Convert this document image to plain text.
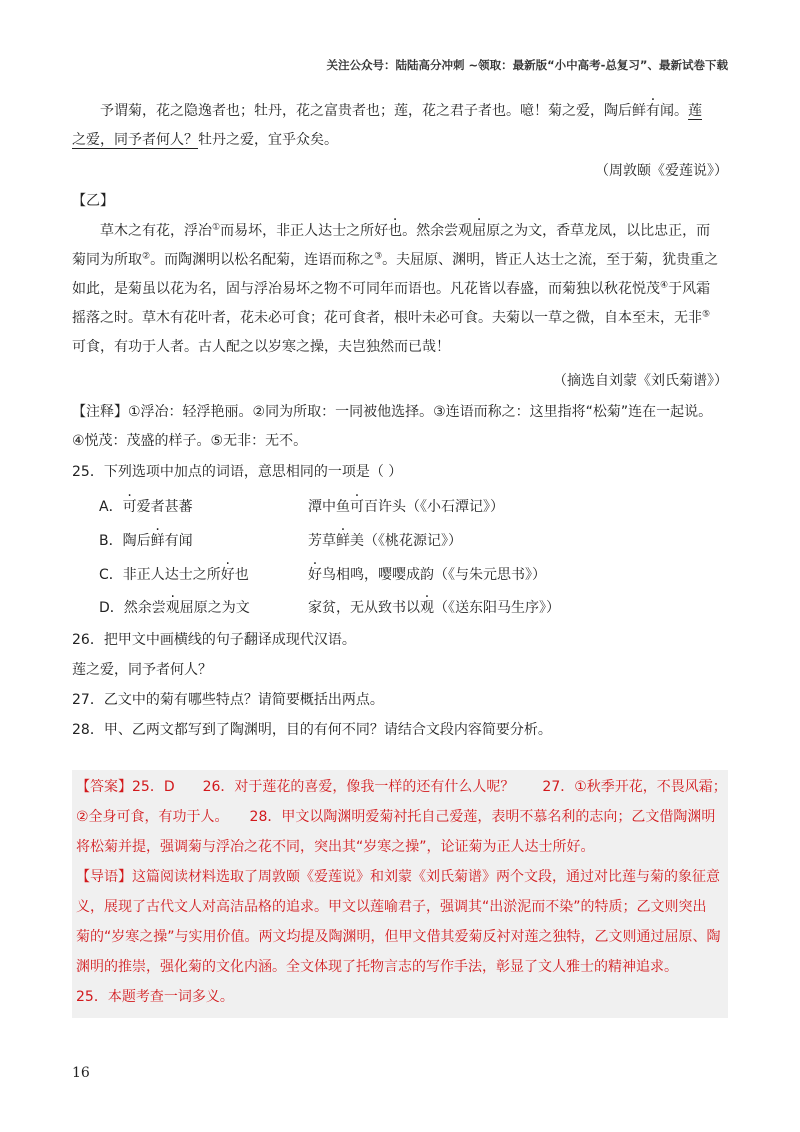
关注公众号：陆陆高分冲刺 ~领取：最新版“小中高考-总复习”、最新试卷下载
予谓菊，花之隐逸者也；牡丹，花之富贵者也；莲，花之君子者也。噫！菊之爱，陶后鲜有闻。莲
之爱，同予者何人？牡丹之爱，宜乎众矣。
（周敦颐《爱莲说》）
【乙】
草木之有花，浮冶①而易坏，非正人达士之所好也。然余尝观屈原之为文，香草龙凤，以比忠正，而
菊同为所取②。而陶渊明以松名配菊，连语而称之③。夫屈原、渊明，皆正人达士之流，至于菊，犹贵重之
如此，是菊虽以花为名，固与浮冶易坏之物不可同年而语也。凡花皆以春盛，而菊独以秋花悦茂④于风霜
摇落之时。草木有花叶者，花未必可食；花可食者，根叶未必可食。夫菊以一草之微，自本至末，无非⑤
可食，有功于人者。古人配之以岁寒之操，夫岂独然而已哉！
（摘选自刘蒙《刘氏菊谱》）
【注释】①浮冶：轻浮艳丽。②同为所取：一同被他选择。③连语而称之：这里指将“松菊”连在一起说。
④悦茂：茂盛的样子。⑤无非：无不。
25．下列选项中加点的词语，意思相同的一项是（ ）
A．可爱者甚蕃	潭中鱼可百许头（《小石潭记》）
B．陶后鲜有闻	芳草鲜美（《桃花源记》）
C．非正人达士之所好也	好鸟相鸣，嘤嘤成韵（《与朱元思书》）
D．然余尝观屈原之为文	家贫，无从致书以观（《送东阳马生序》）
26．把甲文中画横线的句子翻译成现代汉语。
莲之爱，同予者何人？
27．乙文中的菊有哪些特点？请简要概括出两点。
28．甲、乙两文都写到了陶渊明，目的有何不同？请结合文段内容简要分析。
【答案】25．D　　26．对于莲花的喜爱，像我一样的还有什么人呢？　　27．①秋季开花，不畏风霜；
②全身可食，有功于人。　　28．甲文以陶渊明爱菊衬托自己爱莲，表明不慕名利的志向；乙文借陶渊明
将松菊并提，强调菊与浮冶之花不同，突出其“岁寒之操”，论证菊为正人达士所好。
【导语】这篇阅读材料选取了周敦颐《爱莲说》和刘蒙《刘氏菊谱》两个文段，通过对比莲与菊的象征意
义，展现了古代文人对高洁品格的追求。甲文以莲喻君子，强调其“出淤泥而不染”的特质；乙文则突出
菊的“岁寒之操”与实用价值。两文均提及陶渊明，但甲文借其爱菊反衬对莲之独特，乙文则通过屈原、陶
渊明的推崇，强化菊的文化内涵。全文体现了托物言志的写作手法，彰显了文人雅士的精神追求。
25．本题考查一词多义。
16
